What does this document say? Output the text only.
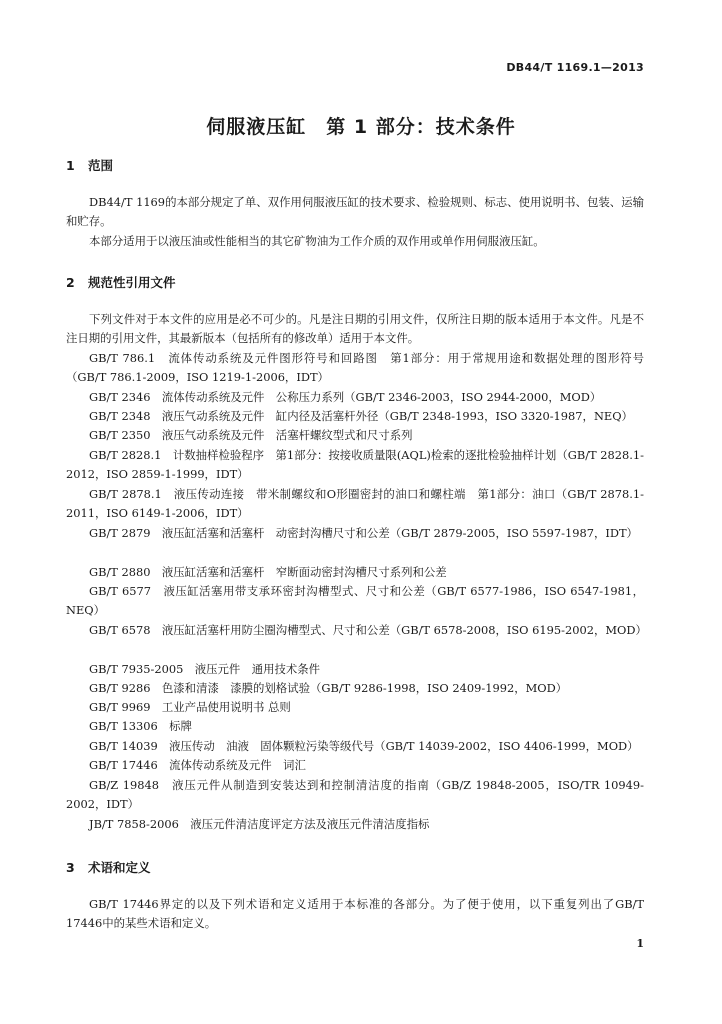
DB44/T 1169.1—2013
伺服液压缸　第 1 部分：技术条件
1 范围
DB44/T 1169的本部分规定了单、双作用伺服液压缸的技术要求、检验规则、标志、使用说明书、包装、运输和贮存。
本部分适用于以液压油或性能相当的其它矿物油为工作介质的双作用或单作用伺服液压缸。
2 规范性引用文件
下列文件对于本文件的应用是必不可少的。凡是注日期的引用文件，仅所注日期的版本适用于本文件。凡是不注日期的引用文件，其最新版本（包括所有的修改单）适用于本文件。
GB/T 786.1　流体传动系统及元件图形符号和回路图　第1部分：用于常规用途和数据处理的图形符号（GB/T 786.1-2009，ISO 1219-1-2006，IDT）
GB/T 2346　流体传动系统及元件　公称压力系列（GB/T 2346-2003，ISO 2944-2000，MOD）
GB/T 2348　液压气动系统及元件　缸内径及活塞杆外径（GB/T 2348-1993，ISO 3320-1987，NEQ）
GB/T 2350　液压气动系统及元件　活塞杆螺纹型式和尺寸系列
GB/T 2828.1　计数抽样检验程序　第1部分：按接收质量限(AQL)检索的逐批检验抽样计划（GB/T 2828.1-2012，ISO 2859-1-1999，IDT）
GB/T 2878.1　液压传动连接　带米制螺纹和O形圈密封的油口和螺柱端　第1部分：油口（GB/T 2878.1-2011，ISO 6149-1-2006，IDT）
GB/T 2879　液压缸活塞和活塞杆　动密封沟槽尺寸和公差（GB/T 2879-2005，ISO 5597-1987，IDT）
GB/T 2880　液压缸活塞和活塞杆　窄断面动密封沟槽尺寸系列和公差
GB/T 6577　液压缸活塞用带支承环密封沟槽型式、尺寸和公差（GB/T 6577-1986，ISO 6547-1981，NEQ）
GB/T 6578　液压缸活塞杆用防尘圈沟槽型式、尺寸和公差（GB/T 6578-2008，ISO 6195-2002，MOD）
GB/T 7935-2005　液压元件　通用技术条件
GB/T 9286　色漆和清漆　漆膜的划格试验（GB/T 9286-1998，ISO 2409-1992，MOD）
GB/T 9969　工业产品使用说明书 总则
GB/T 13306　标牌
GB/T 14039　液压传动　油液　固体颗粒污染等级代号（GB/T 14039-2002，ISO 4406-1999，MOD）
GB/T 17446　流体传动系统及元件　词汇
GB/Z 19848　液压元件从制造到安装达到和控制清洁度的指南（GB/Z 19848-2005，ISO/TR 10949-2002，IDT）
JB/T 7858-2006　液压元件清洁度评定方法及液压元件清洁度指标
3 术语和定义
GB/T 17446界定的以及下列术语和定义适用于本标准的各部分。为了便于使用，以下重复列出了GB/T 17446中的某些术语和定义。
1
